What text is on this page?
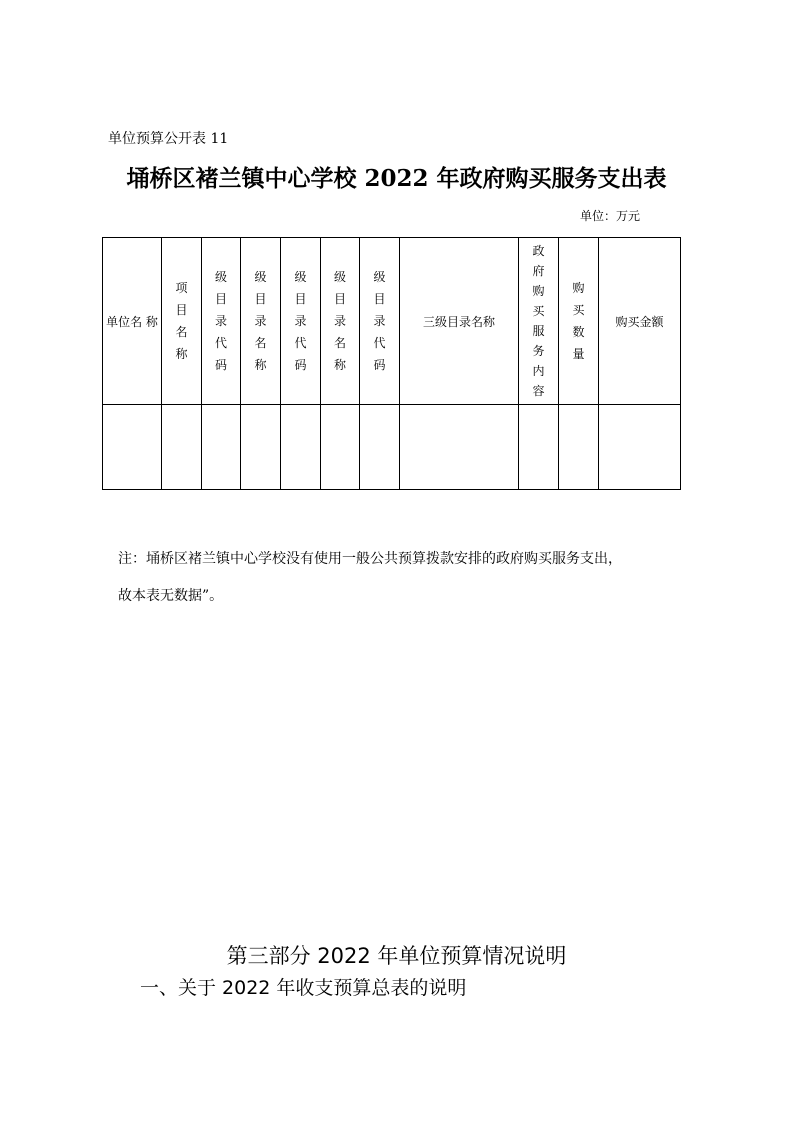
单位预算公开表 11
埇桥区褚兰镇中心学校 2022 年政府购买服务支出表
单位：万元
单位名 称	项目名称	级目录代码	级目录名称	级目录代码	级目录名称	级目录代码	三级目录名称	政府购买服务内容	购买数量	购买金额

注：埇桥区褚兰镇中心学校没有使用一般公共预算拨款安排的政府购买服务支出，
故本表无数据”。
第三部分 2022 年单位预算情况说明
一、关于 2022 年收支预算总表的说明
